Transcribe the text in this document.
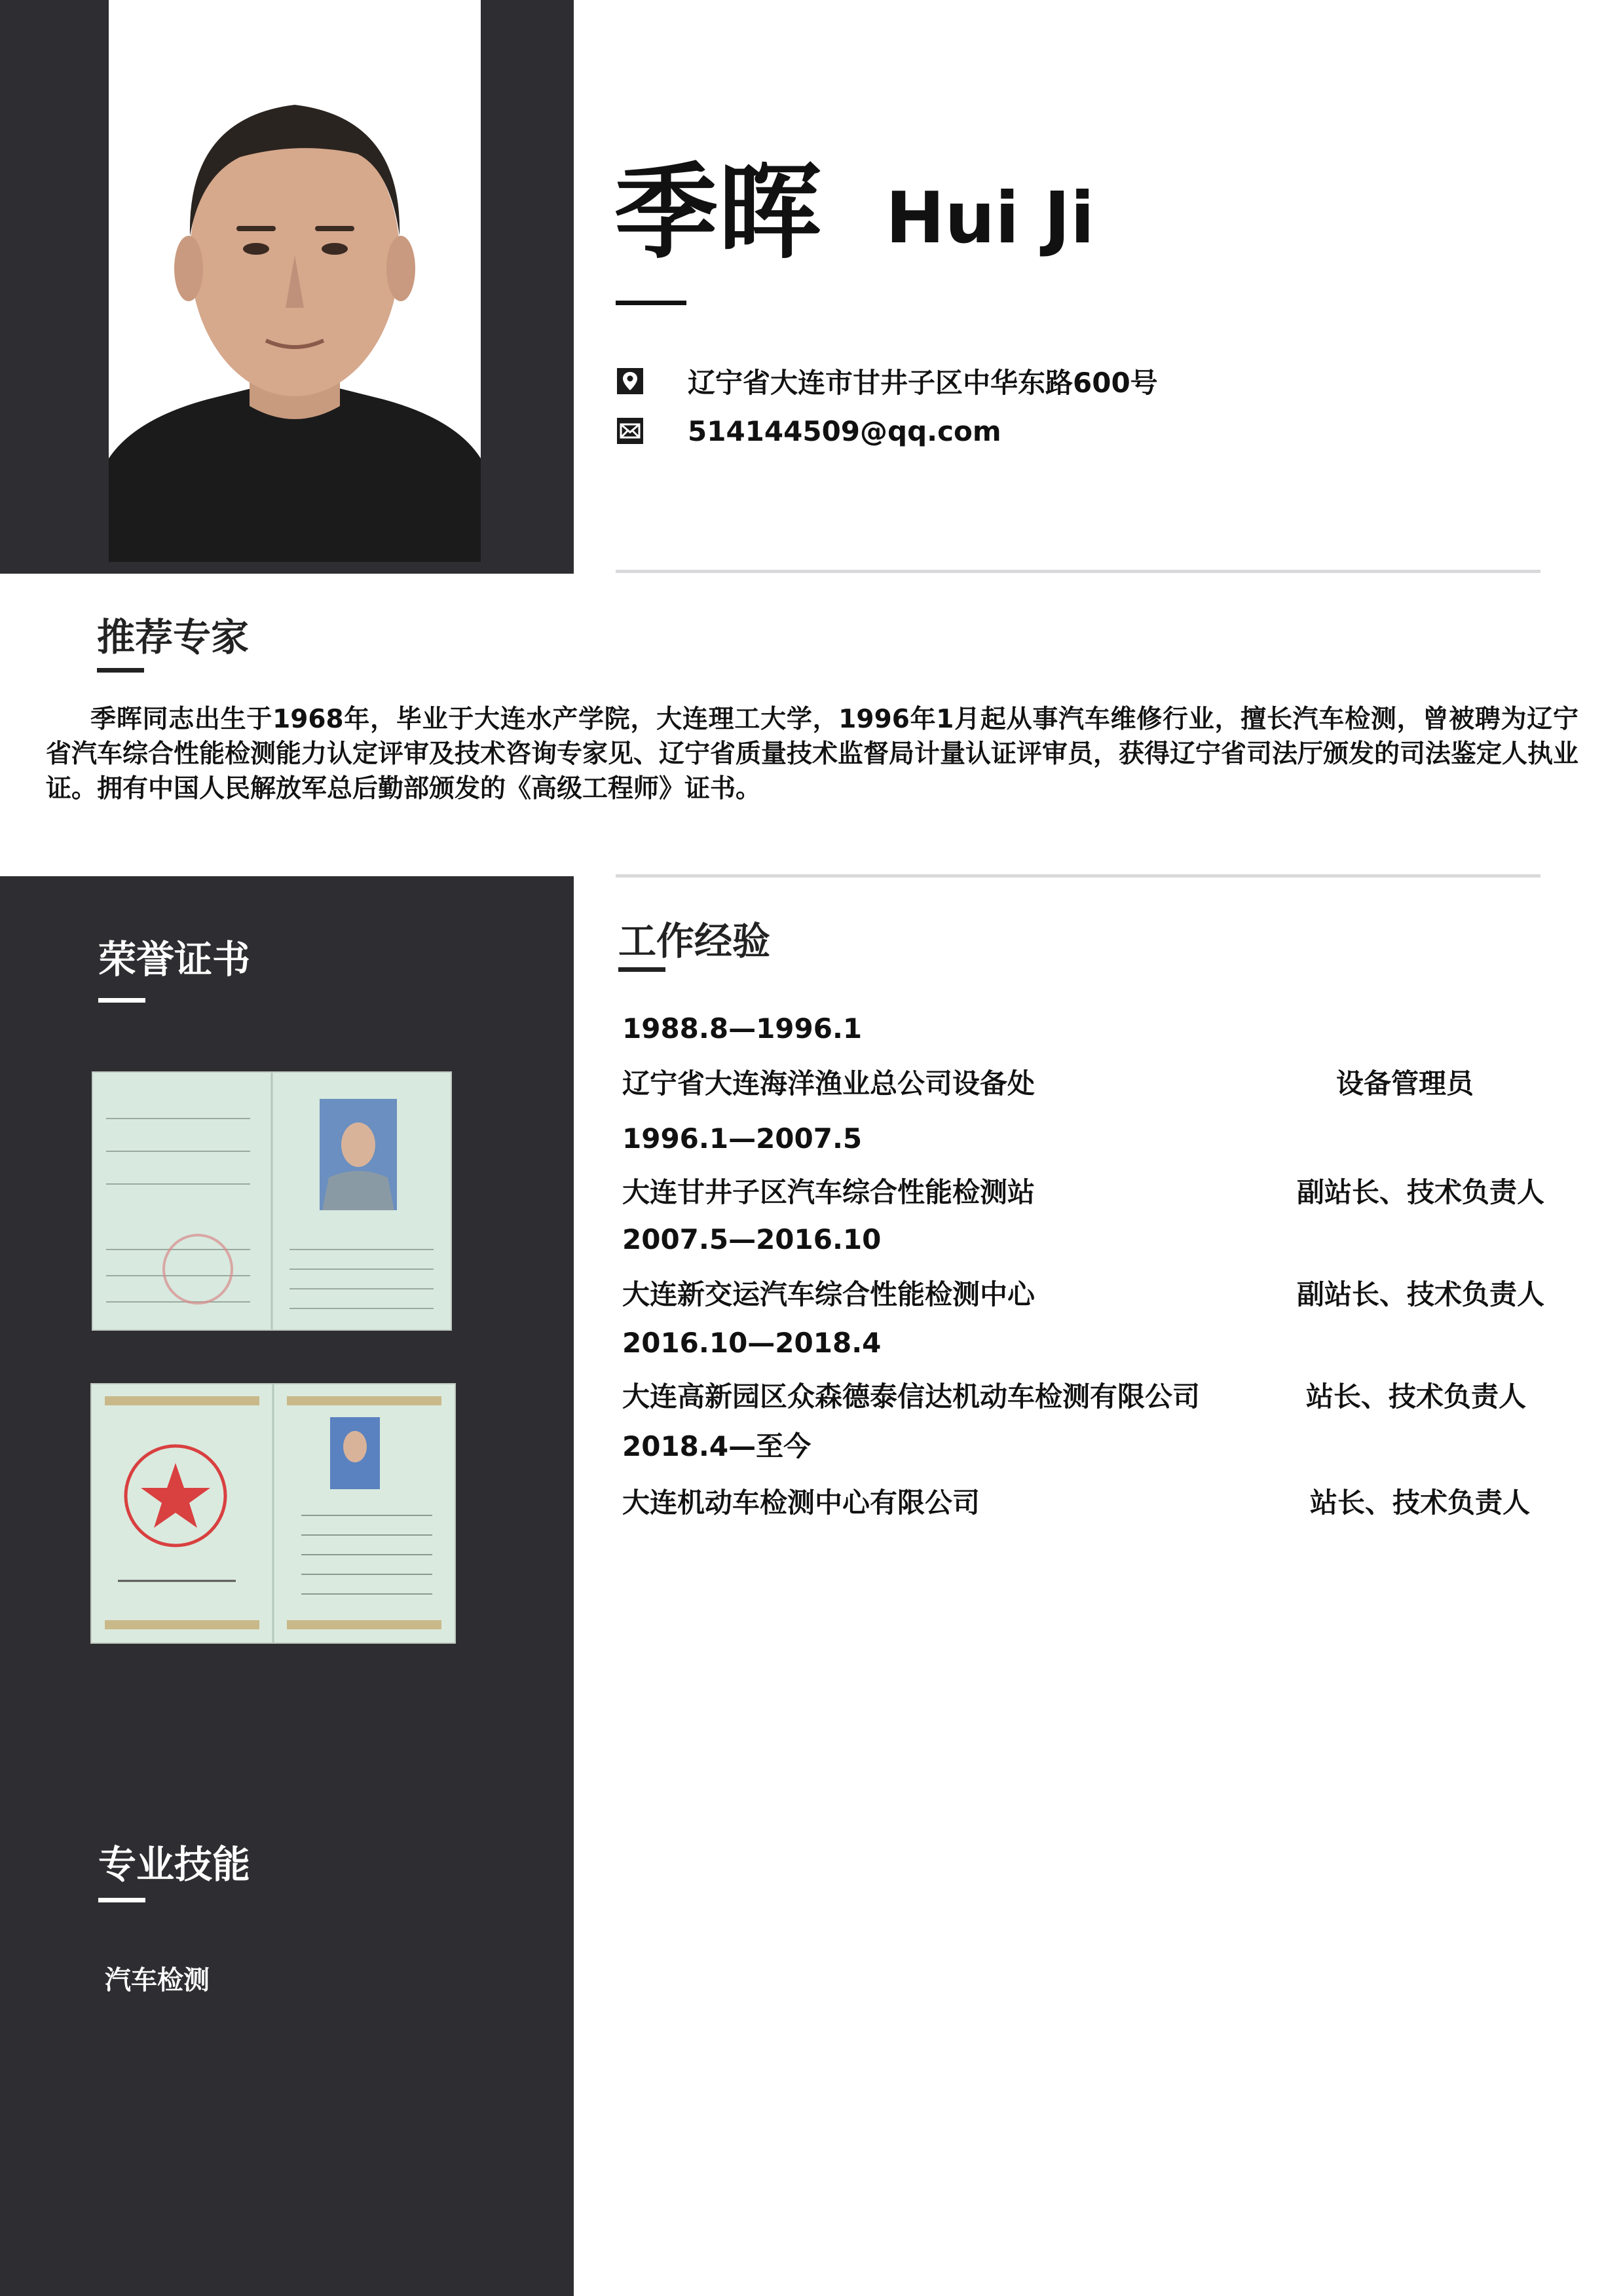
季晖 Hui Ji
辽宁省大连市甘井子区中华东路600号
514144509@qq.com
推荐专家
季晖同志出生于1968年，毕业于大连水产学院，大连理工大学，1996年1月起从事汽车维修行业，擅长汽车检测，曾被聘为辽宁省汽车综合性能检测能力认定评审及技术咨询专家见、辽宁省质量技术监督局计量认证评审员，获得辽宁省司法厅颁发的司法鉴定人执业证。拥有中国人民解放军总后勤部颁发的《高级工程师》证书。
荣誉证书
专业技能
汽车检测
工作经验
1988.8—1996.1
辽宁省大连海洋渔业总公司设备处	设备管理员
1996.1—2007.5
大连甘井子区汽车综合性能检测站	副站长、技术负责人
2007.5—2016.10
大连新交运汽车综合性能检测中心	副站长、技术负责人
2016.10—2018.4
大连高新园区众森德泰信达机动车检测有限公司	站长、技术负责人
2018.4—至今
大连机动车检测中心有限公司	站长、技术负责人
